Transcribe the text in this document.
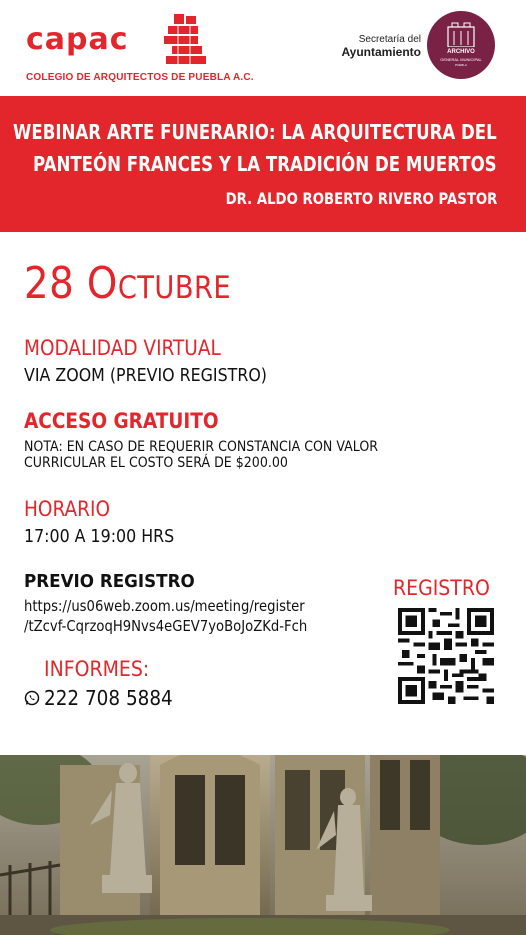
capac
COLEGIO DE ARQUITECTOS DE PUEBLA A.C.
Secretaría del
Ayuntamiento	ARCHIVO
GENERAL MUNICIPAL
PUEBLA
WEBINAR ARTE FUNERARIO: LA ARQUITECTURA DEL
PANTEÓN FRANCES Y LA TRADICIÓN DE MUERTOS
DR. ALDO ROBERTO RIVERO PASTOR
28 Octubre
MODALIDAD VIRTUAL
VIA ZOOM (PREVIO REGISTRO)
ACCESO GRATUITO
NOTA: EN CASO DE REQUERIR CONSTANCIA CON VALOR
CURRICULAR EL COSTO SERÁ DE $200.00
HORARIO
17:00 A 19:00 HRS
PREVIO REGISTRO
https://us06web.zoom.us/meeting/register
/tZcvf-CqrzoqH9Nvs4eGEV7yoBoJoZKd-Fch
REGISTRO
INFORMES:
222 708 5884
